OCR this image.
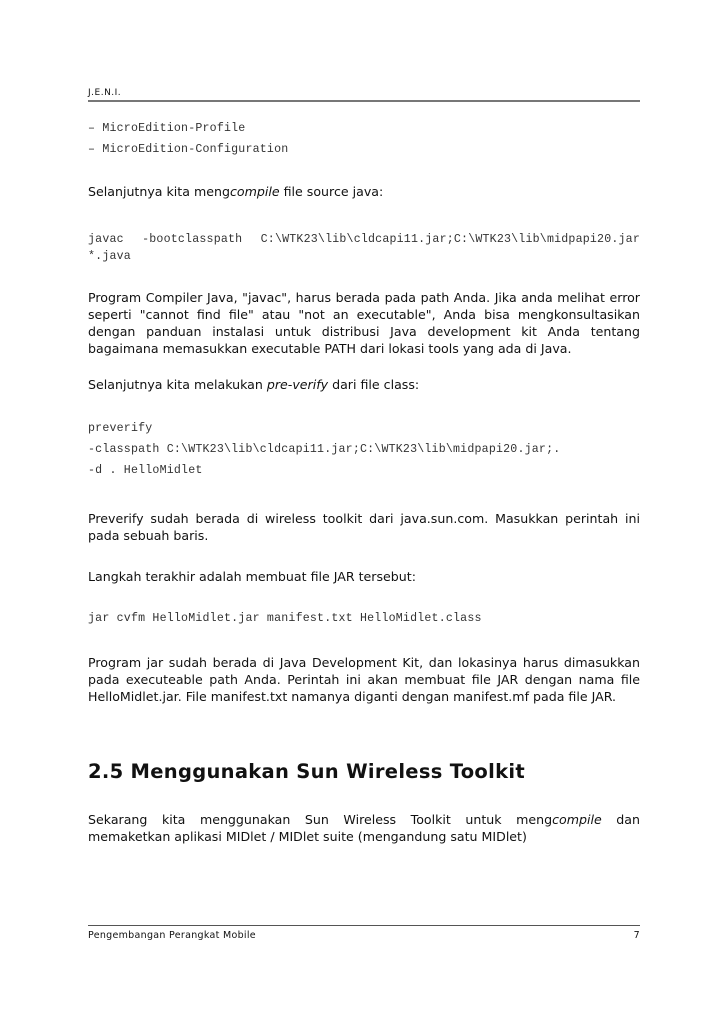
J.E.N.I.
– MicroEdition-Profile
– MicroEdition-Configuration
Selanjutnya kita mengcompile file source java:
javac -bootclasspath C:\WTK23\lib\cldcapi11.jar;C:\WTK23\lib\midpapi20.jar *.java
Program Compiler Java, "javac", harus berada pada path Anda. Jika anda melihat error seperti "cannot find file" atau "not an executable", Anda bisa mengkonsultasikan dengan panduan instalasi untuk distribusi Java development kit Anda tentang bagaimana memasukkan executable PATH dari lokasi tools yang ada di Java.
Selanjutnya kita melakukan pre-verify dari file class:
preverify
-classpath C:\WTK23\lib\cldcapi11.jar;C:\WTK23\lib\midpapi20.jar;.
-d . HelloMidlet
Preverify sudah berada di wireless toolkit dari java.sun.com. Masukkan perintah ini pada sebuah baris.
Langkah terakhir adalah membuat file JAR tersebut:
jar cvfm HelloMidlet.jar manifest.txt HelloMidlet.class
Program jar sudah berada di Java Development Kit, dan lokasinya harus dimasukkan pada executeable path Anda. Perintah ini akan membuat file JAR dengan nama file HelloMidlet.jar. File manifest.txt namanya diganti dengan manifest.mf pada file JAR.
2.5 Menggunakan Sun Wireless Toolkit
Sekarang kita menggunakan Sun Wireless Toolkit untuk mengcompile dan memaketkan aplikasi MIDlet / MIDlet suite (mengandung satu MIDlet)
Pengembangan Perangkat Mobile	7
